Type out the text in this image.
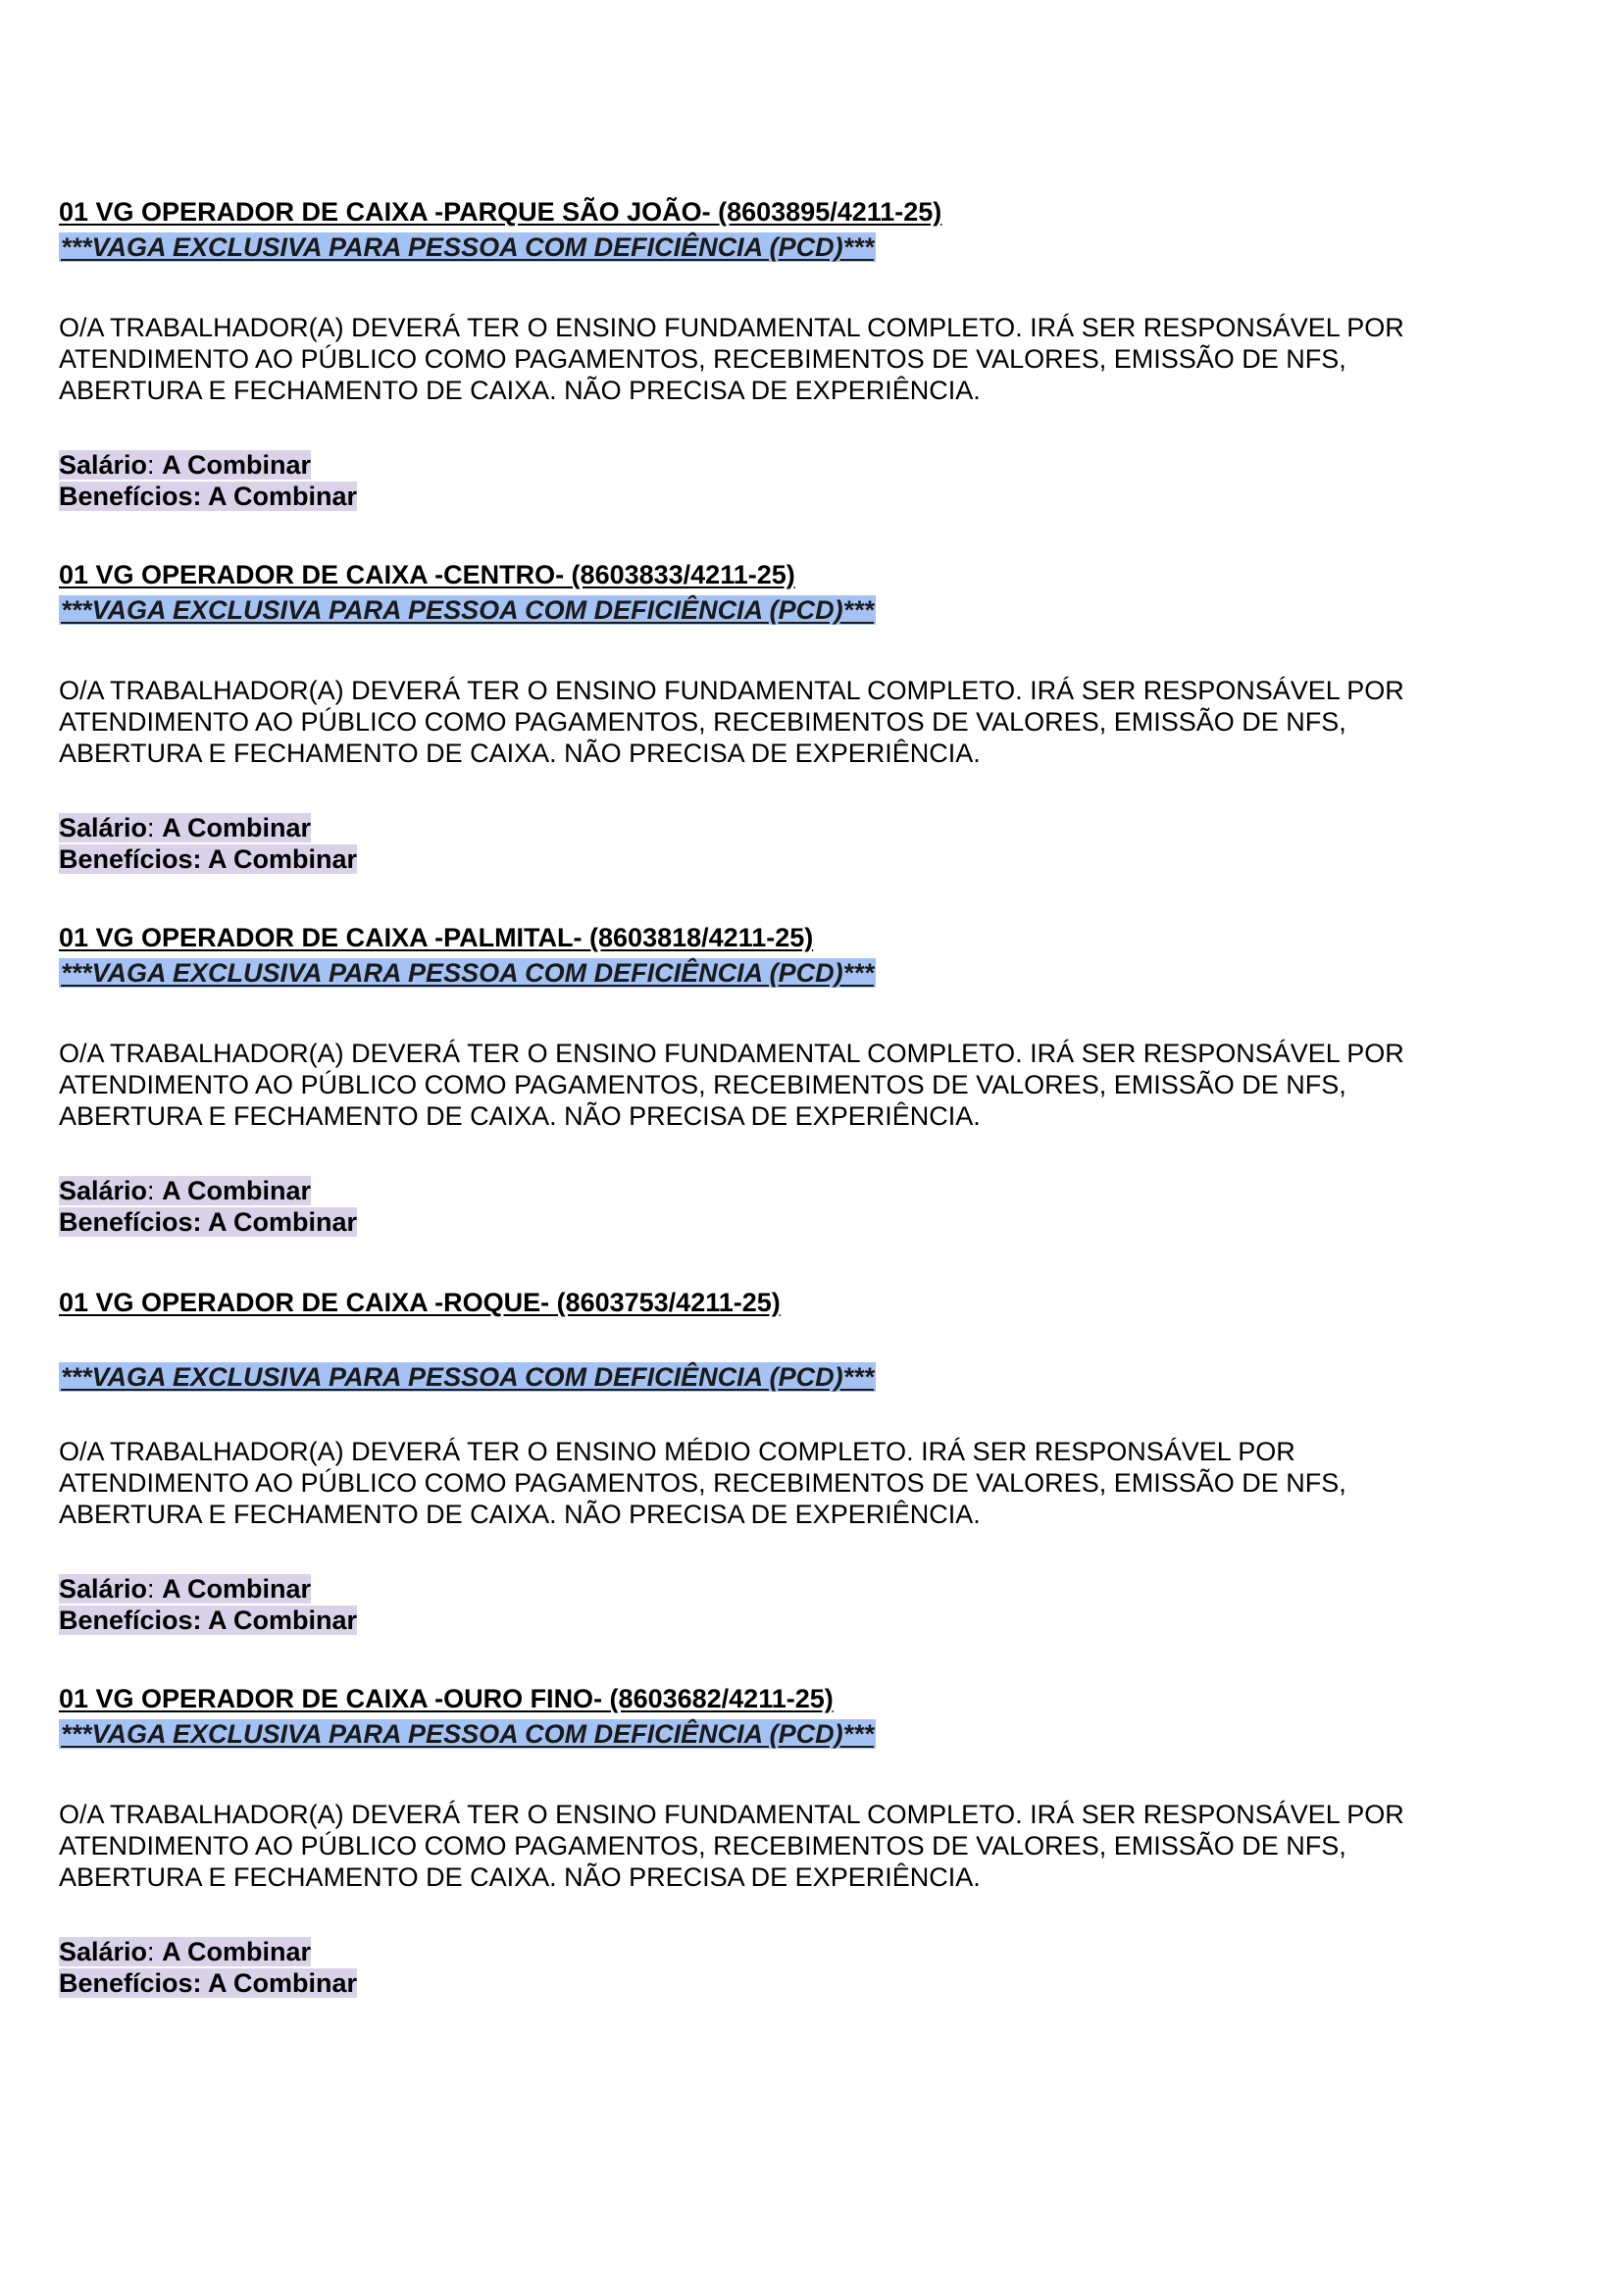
01 VG OPERADOR DE CAIXA -PARQUE SÃO JOÃO- (8603895/4211-25)
***VAGA EXCLUSIVA PARA PESSOA COM DEFICIÊNCIA (PCD)***
O/A TRABALHADOR(A) DEVERÁ TER O ENSINO FUNDAMENTAL COMPLETO. IRÁ SER RESPONSÁVEL POR
ATENDIMENTO AO PÚBLICO COMO PAGAMENTOS, RECEBIMENTOS DE VALORES, EMISSÃO DE NFS,
ABERTURA E FECHAMENTO DE CAIXA. NÃO PRECISA DE EXPERIÊNCIA.
Salário: A Combinar
Benefícios: A Combinar
01 VG OPERADOR DE CAIXA -CENTRO- (8603833/4211-25)
***VAGA EXCLUSIVA PARA PESSOA COM DEFICIÊNCIA (PCD)***
O/A TRABALHADOR(A) DEVERÁ TER O ENSINO FUNDAMENTAL COMPLETO. IRÁ SER RESPONSÁVEL POR
ATENDIMENTO AO PÚBLICO COMO PAGAMENTOS, RECEBIMENTOS DE VALORES, EMISSÃO DE NFS,
ABERTURA E FECHAMENTO DE CAIXA. NÃO PRECISA DE EXPERIÊNCIA.
Salário: A Combinar
Benefícios: A Combinar
01 VG OPERADOR DE CAIXA -PALMITAL- (8603818/4211-25)
***VAGA EXCLUSIVA PARA PESSOA COM DEFICIÊNCIA (PCD)***
O/A TRABALHADOR(A) DEVERÁ TER O ENSINO FUNDAMENTAL COMPLETO. IRÁ SER RESPONSÁVEL POR
ATENDIMENTO AO PÚBLICO COMO PAGAMENTOS, RECEBIMENTOS DE VALORES, EMISSÃO DE NFS,
ABERTURA E FECHAMENTO DE CAIXA. NÃO PRECISA DE EXPERIÊNCIA.
Salário: A Combinar
Benefícios: A Combinar
01 VG OPERADOR DE CAIXA -ROQUE- (8603753/4211-25)
***VAGA EXCLUSIVA PARA PESSOA COM DEFICIÊNCIA (PCD)***
O/A TRABALHADOR(A) DEVERÁ TER O ENSINO MÉDIO COMPLETO. IRÁ SER RESPONSÁVEL POR
ATENDIMENTO AO PÚBLICO COMO PAGAMENTOS, RECEBIMENTOS DE VALORES, EMISSÃO DE NFS,
ABERTURA E FECHAMENTO DE CAIXA. NÃO PRECISA DE EXPERIÊNCIA.
Salário: A Combinar
Benefícios: A Combinar
01 VG OPERADOR DE CAIXA -OURO FINO- (8603682/4211-25)
***VAGA EXCLUSIVA PARA PESSOA COM DEFICIÊNCIA (PCD)***
O/A TRABALHADOR(A) DEVERÁ TER O ENSINO FUNDAMENTAL COMPLETO. IRÁ SER RESPONSÁVEL POR
ATENDIMENTO AO PÚBLICO COMO PAGAMENTOS, RECEBIMENTOS DE VALORES, EMISSÃO DE NFS,
ABERTURA E FECHAMENTO DE CAIXA. NÃO PRECISA DE EXPERIÊNCIA.
Salário: A Combinar
Benefícios: A Combinar
